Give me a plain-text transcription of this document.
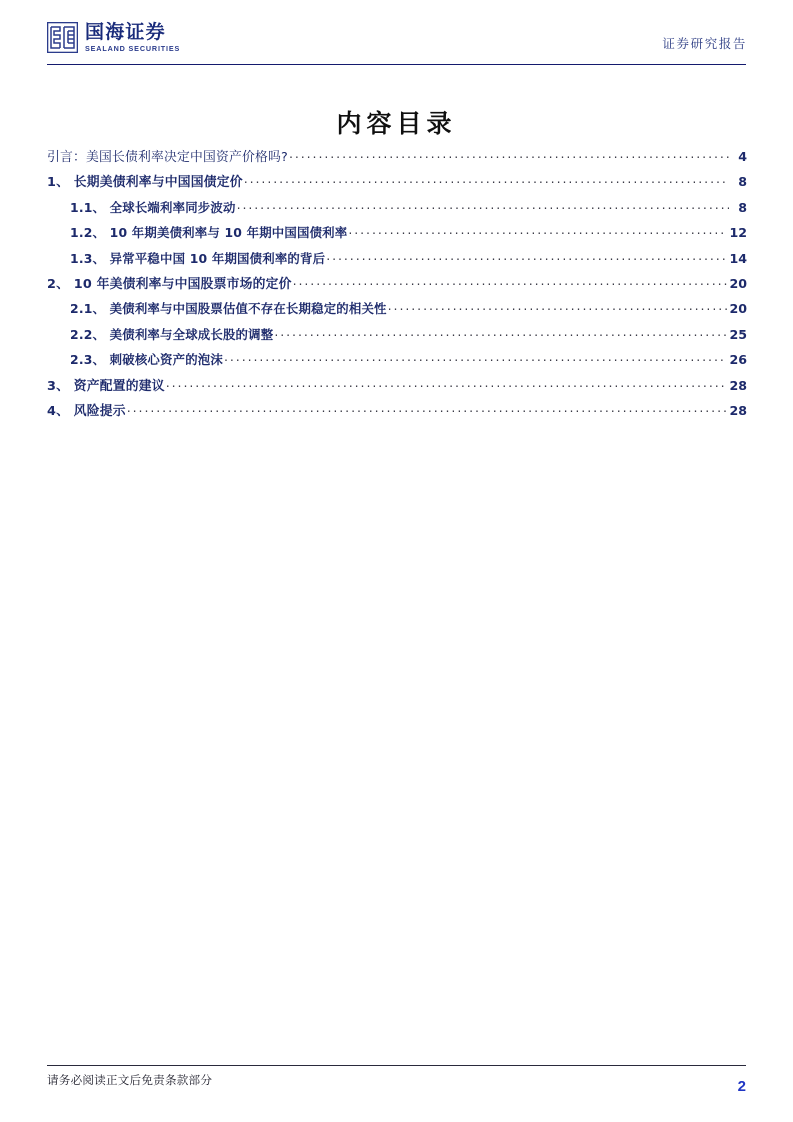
国海证券
SEALAND SECURITIES	证券研究报告
内容目录
引言：美国长债利率决定中国资产价格吗? .....	4
1、 长期美债利率与中国国债定价 .....	8
1.1、 全球长端利率同步波动 .....	8
1.2、 10 年期美债利率与 10 年期中国国债利率 .....	12
1.3、 异常平稳中国 10 年期国债利率的背后 .....	14
2、 10 年美债利率与中国股票市场的定价 .....	20
2.1、 美债利率与中国股票估值不存在长期稳定的相关性 .....	20
2.2、 美债利率与全球成长股的调整 .....	25
2.3、 刺破核心资产的泡沫 .....	26
3、 资产配置的建议 .....	28
4、 风险提示 .....	28
请务必阅读正文后免责条款部分	2
